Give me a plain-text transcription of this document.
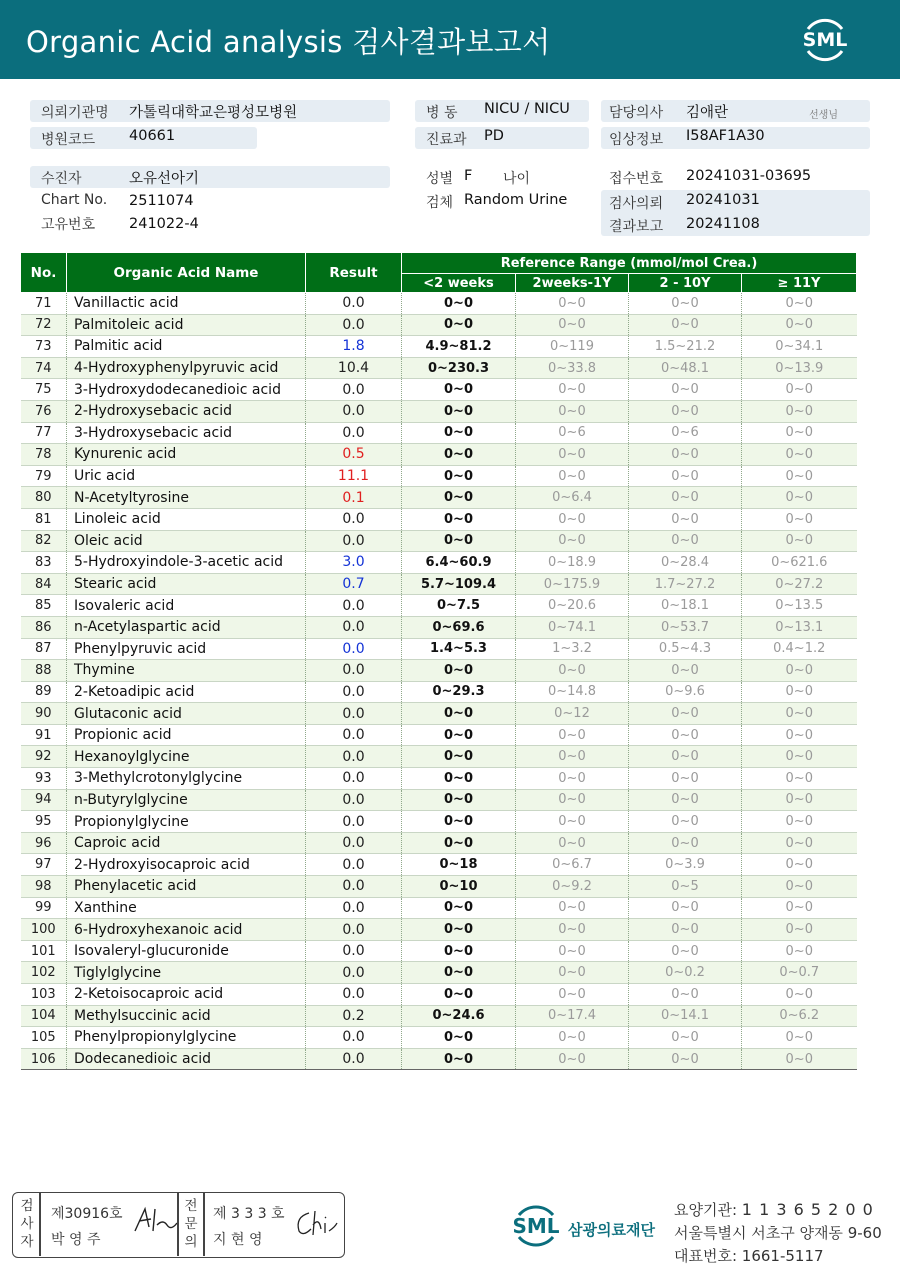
Organic Acid analysis 검사결과보고서	SML
의뢰기관명 가톨릭대학교은평성모병원
병원코드 40661
병 동 NICU / NICU
진료과 PD
담당의사 김애란	선생님
임상정보 I58AF1A30
수진자	오유선아기
Chart No. 2511074
고유번호 241022-4
성별 F 나이
검체 Random Urine
접수번호 20241031-03695
검사의뢰 20241031
결과보고 20241108
No.	Organic Acid Name	Result	Reference Range (mmol/mol Crea.)			
			<2 weeks	2weeks-1Y	2 - 10Y	≥ 11Y
71	Vanillactic acid	0.0	0~0	0~0	0~0	0~0
72	Palmitoleic acid	0.0	0~0	0~0	0~0	0~0
73	Palmitic acid	1.8	4.9~81.2	0~119	1.5~21.2	0~34.1
74	4-Hydroxyphenylpyruvic acid	10.4	0~230.3	0~33.8	0~48.1	0~13.9
75	3-Hydroxydodecanedioic acid	0.0	0~0	0~0	0~0	0~0
76	2-Hydroxysebacic acid	0.0	0~0	0~0	0~0	0~0
77	3-Hydroxysebacic acid	0.0	0~0	0~6	0~6	0~0
78	Kynurenic acid	0.5	0~0	0~0	0~0	0~0
79	Uric acid	11.1	0~0	0~0	0~0	0~0
80	N-Acetyltyrosine	0.1	0~0	0~6.4	0~0	0~0
81	Linoleic acid	0.0	0~0	0~0	0~0	0~0
82	Oleic acid	0.0	0~0	0~0	0~0	0~0
83	5-Hydroxyindole-3-acetic acid	3.0	6.4~60.9	0~18.9	0~28.4	0~621.6
84	Stearic acid	0.7	5.7~109.4	0~175.9	1.7~27.2	0~27.2
85	Isovaleric acid	0.0	0~7.5	0~20.6	0~18.1	0~13.5
86	n-Acetylaspartic acid	0.0	0~69.6	0~74.1	0~53.7	0~13.1
87	Phenylpyruvic acid	0.0	1.4~5.3	1~3.2	0.5~4.3	0.4~1.2
88	Thymine	0.0	0~0	0~0	0~0	0~0
89	2-Ketoadipic acid	0.0	0~29.3	0~14.8	0~9.6	0~0
90	Glutaconic acid	0.0	0~0	0~12	0~0	0~0
91	Propionic acid	0.0	0~0	0~0	0~0	0~0
92	Hexanoylglycine	0.0	0~0	0~0	0~0	0~0
93	3-Methylcrotonylglycine	0.0	0~0	0~0	0~0	0~0
94	n-Butyrylglycine	0.0	0~0	0~0	0~0	0~0
95	Propionylglycine	0.0	0~0	0~0	0~0	0~0
96	Caproic acid	0.0	0~0	0~0	0~0	0~0
97	2-Hydroxyisocaproic acid	0.0	0~18	0~6.7	0~3.9	0~0
98	Phenylacetic acid	0.0	0~10	0~9.2	0~5	0~0
99	Xanthine	0.0	0~0	0~0	0~0	0~0
100	6-Hydroxyhexanoic acid	0.0	0~0	0~0	0~0	0~0
101	Isovaleryl-glucuronide	0.0	0~0	0~0	0~0	0~0
102	Tiglylglycine	0.0	0~0	0~0	0~0.2	0~0.7
103	2-Ketoisocaproic acid	0.0	0~0	0~0	0~0	0~0
104	Methylsuccinic acid	0.2	0~24.6	0~17.4	0~14.1	0~6.2
105	Phenylpropionylglycine	0.0	0~0	0~0	0~0	0~0
106	Dodecanedioic acid	0.0	0~0	0~0	0~0	0~0
검사자
제30916호
박 영 주
전문의
제 3 3 3 호
지 현 영
SML 삼광의료재단
요양기관: 1 1 3 6 5 2 0 0
서울특별시 서초구 양재동 9-60
대표번호: 1661-5117
